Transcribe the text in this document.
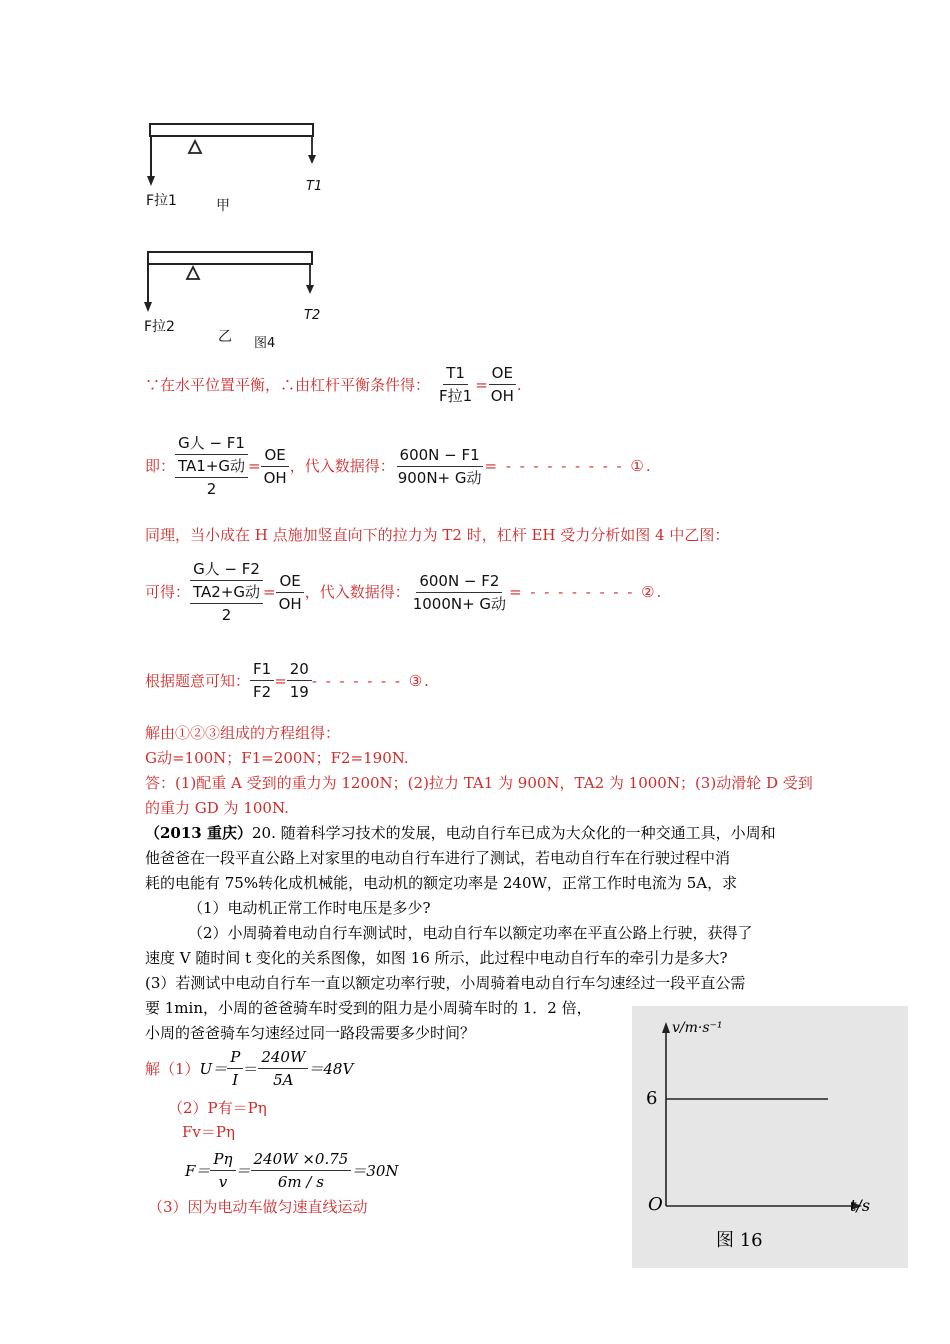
F拉1	甲
T1
F拉2
乙 图4
T2
∵在水平位置平衡，∴由杠杆平衡条件得： $\frac{T1}{\text{F拉1}} = \frac{OE}{OH}$ .
即： $\frac{\text{G人 − F1}}{\frac{\text{TA1+G动}}{2}} = \frac{OE}{OH}$ ，代入数据得： $\frac{600N - F1}{\text{900N+ G动}}$ = - - - - - - - - - ①.
同理，当小成在 H 点施加竖直向下的拉力为 T2 时，杠杆 EH 受力分析如图 4 中乙图：
可得： $\frac{\text{G人 − F2}}{\frac{\text{TA2+G动}}{2}} = \frac{OE}{OH}$ ，代入数据得： $\frac{600N - F2}{\text{1000N+ G动}}$ = - - - - - - - - ②.
根据题意可知： $\frac{F1}{F2} = \frac{20}{19}$ - - - - - - - ③.
解由①②③组成的方程组得：
G动=100N；F1=200N；F2=190N.
答：(1)配重 A 受到的重力为 1200N；(2)拉力 TA1 为 900N，TA2 为 1000N；(3)动滑轮 D 受到
的重力 GD 为 100N.
（2013 重庆）20. 随着科学习技术的发展，电动自行车已成为大众化的一种交通工具，小周和
他爸爸在一段平直公路上对家里的电动自行车进行了测试，若电动自行车在行驶过程中消
耗的电能有 75%转化成机械能，电动机的额定功率是 240W，正常工作时电流为 5A，求
（1）电动机正常工作时电压是多少?
（2）小周骑着电动自行车测试时，电动自行车以额定功率在平直公路上行驶，获得了
速度 V 随时间 t 变化的关系图像，如图 16 所示，此过程中电动自行车的牵引力是多大?
(3）若测试中电动自行车一直以额定功率行驶，小周骑着电动自行车匀速经过一段平直公需
要 1min，小周的爸爸骑车时受到的阻力是小周骑车时的 1．2 倍，
小周的爸爸骑车匀速经过同一路段需要多少时间？
解（1） $U= \frac{P}{I} = \frac{240W}{5A} =48V$
（2）P有＝Pη
Fv＝Pη
$F= \frac{P\eta}{v} = \frac{240W \times 0.75}{6m / s} =30N$
（3）因为电动车做匀速直线运动
v/m·s⁻¹
6
O	t/s
图 16
